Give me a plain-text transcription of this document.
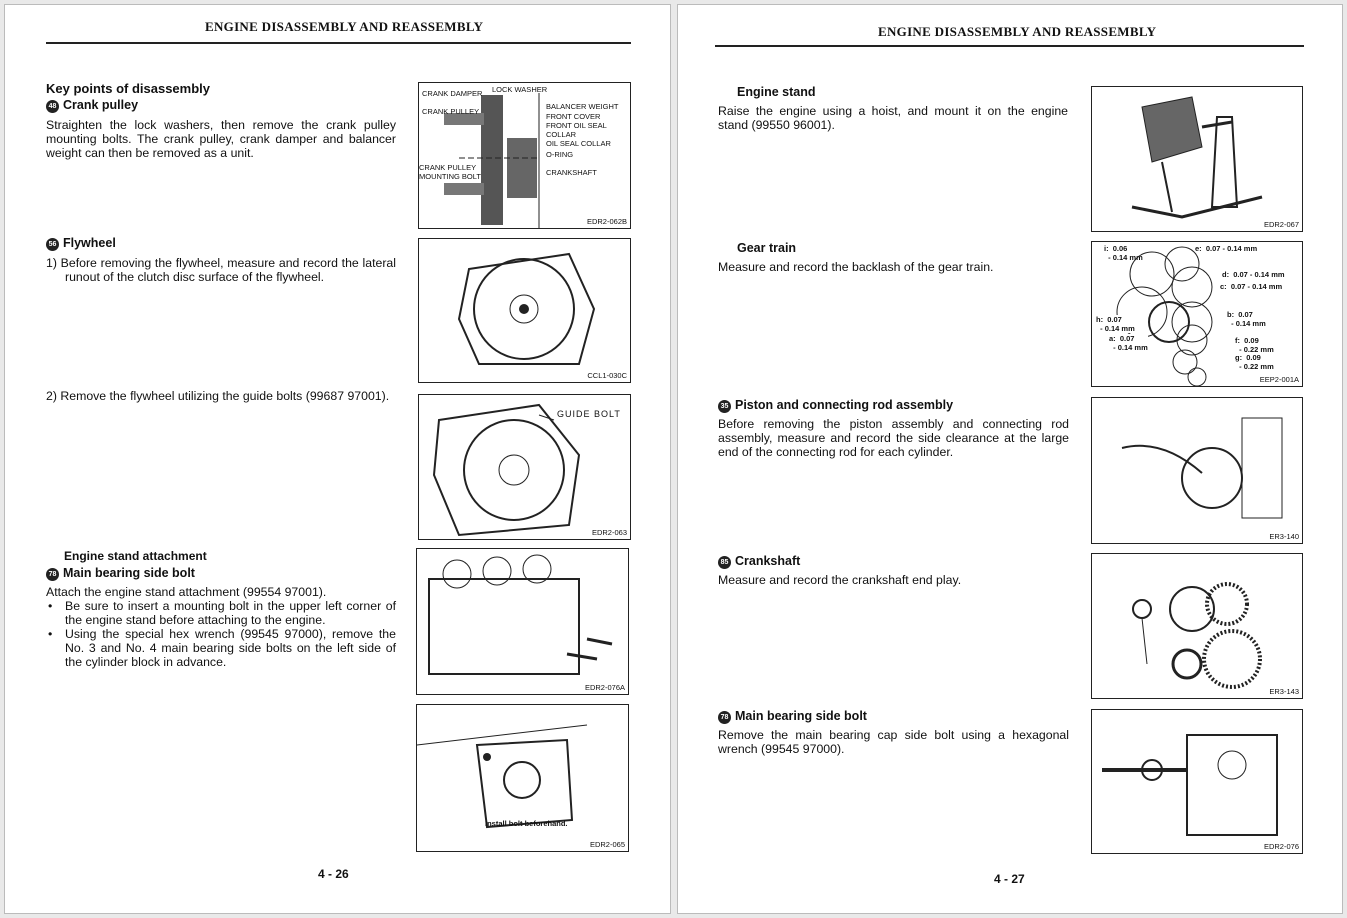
ENGINE DISASSEMBLY AND REASSEMBLY
Key points of disassembly
48 Crank pulley
Straighten the lock washers, then remove the crank pulley mounting bolts. The crank pulley, crank damper and balancer weight can then be removed as a unit.
56 Flywheel
1) Before removing the flywheel, measure and record the lateral runout of the clutch disc surface of the flywheel.
2) Remove the flywheel utilizing the guide bolts (99687 97001).
Engine stand attachment
78 Main bearing side bolt
Attach the engine stand attachment (99554 97001).
• Be sure to insert a mounting bolt in the upper left corner of the engine stand before attaching to the engine.
• Using the special hex wrench (99545 97000), remove the No. 3 and No. 4 main bearing side bolts on the left side of the cylinder block in advance.
CRANK DAMPER LOCK WASHER
CRANK PULLEY
BALANCER WEIGHT
FRONT COVER
FRONT OIL SEAL
COLLAR
OIL SEAL COLLAR
O-RING
CRANK PULLEY
MOUNTING BOLT	CRANKSHAFT
EDR2-062B
CCL1-030C
GUIDE BOLT
EDR2-063
EDR2-076A
Install bolt beforehand.
EDR2-065
4 - 26
ENGINE DISASSEMBLY AND REASSEMBLY
Engine stand
Raise the engine using a hoist, and mount it on the engine stand (99550 96001).
Gear train
Measure and record the backlash of the gear train.
35 Piston and connecting rod assembly
Before removing the piston assembly and connecting rod assembly, measure and record the side clearance at the large end of the connecting rod for each cylinder.
85 Crankshaft
Measure and record the crankshaft end play.
78 Main bearing side bolt
Remove the main bearing cap side bolt using a hexagonal wrench (99545 97000).
EDR2-067
i:  0.06
- 0.14 mm
e:  0.07 - 0.14 mm
d:  0.07 - 0.14 mm
c:  0.07 - 0.14 mm
h:  0.07
- 0.14 mm
b:  0.07
- 0.14 mm
a:  0.07
- 0.14 mm
f:  0.09
- 0.22 mm
g:  0.09
- 0.22 mm
EEP2-001A
ER3-140
ER3-143
EDR2-076
4 - 27
